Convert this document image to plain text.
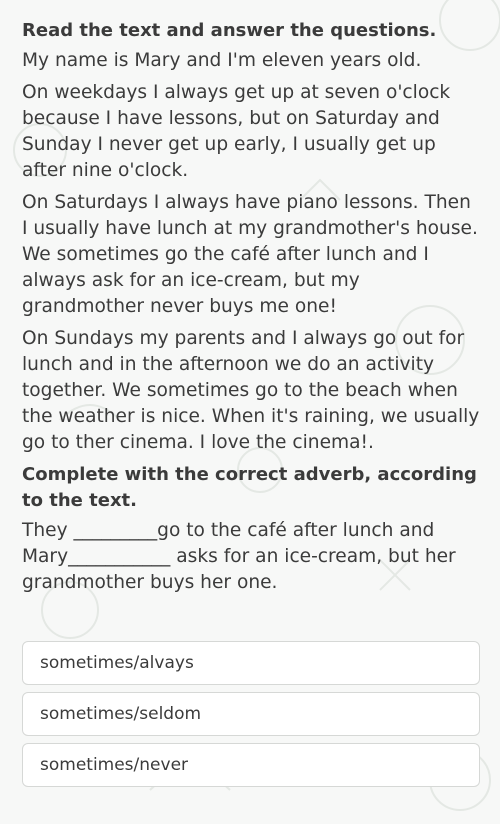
Read the text and answer the questions.

My name is Mary and I'm eleven years old.

On weekdays I always get up at seven o'clock because I have lessons, but on Saturday and Sunday I never get up early, I usually get up after nine o'clock.

On Saturdays I always have piano lessons. Then I usually have lunch at my grandmother's house. We sometimes go the café after lunch and I always ask for an ice-cream, but my grandmother never buys me one!

On Sundays my parents and I always go out for lunch and in the afternoon we do an activity together. We sometimes go to the beach when the weather is nice. When it's raining, we usually go to ther cinema. I love the cinema!.

Complete with the correct adverb, according to the text.

They _________go to the café after lunch and Mary___________ asks for an ice-cream, but her grandmother buys her one.

sometimes/alvays
sometimes/seldom
sometimes/never
